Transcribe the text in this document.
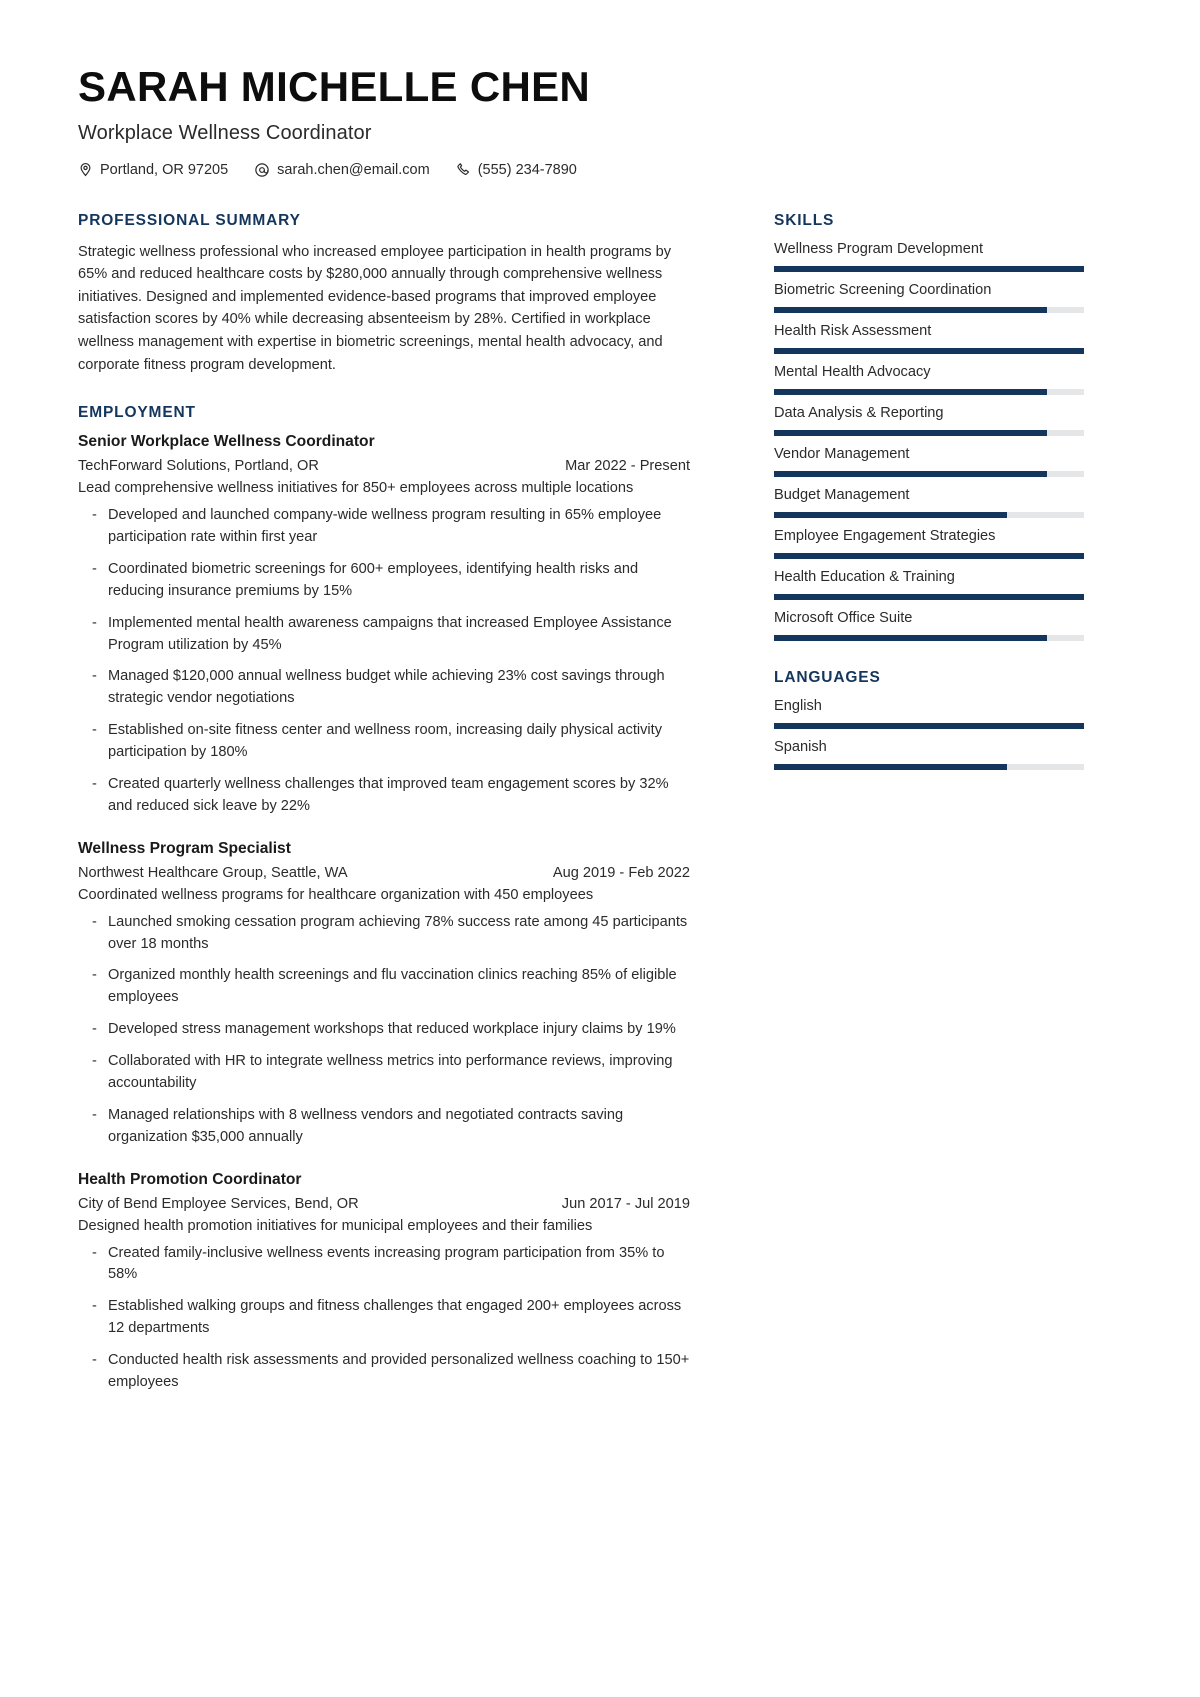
SARAH MICHELLE CHEN
Workplace Wellness Coordinator
Portland, OR 97205	sarah.chen@email.com	(555) 234-7890
PROFESSIONAL SUMMARY
Strategic wellness professional who increased employee participation in health programs by 65% and reduced healthcare costs by $280,000 annually through comprehensive wellness initiatives. Designed and implemented evidence-based programs that improved employee satisfaction scores by 40% while decreasing absenteeism by 28%. Certified in workplace wellness management with expertise in biometric screenings, mental health advocacy, and corporate fitness program development.
EMPLOYMENT
Senior Workplace Wellness Coordinator
TechForward Solutions, Portland, OR	Mar 2022 - Present
Lead comprehensive wellness initiatives for 850+ employees across multiple locations
- Developed and launched company-wide wellness program resulting in 65% employee participation rate within first year
- Coordinated biometric screenings for 600+ employees, identifying health risks and reducing insurance premiums by 15%
- Implemented mental health awareness campaigns that increased Employee Assistance Program utilization by 45%
- Managed $120,000 annual wellness budget while achieving 23% cost savings through strategic vendor negotiations
- Established on-site fitness center and wellness room, increasing daily physical activity participation by 180%
- Created quarterly wellness challenges that improved team engagement scores by 32% and reduced sick leave by 22%
Wellness Program Specialist
Northwest Healthcare Group, Seattle, WA	Aug 2019 - Feb 2022
Coordinated wellness programs for healthcare organization with 450 employees
- Launched smoking cessation program achieving 78% success rate among 45 participants over 18 months
- Organized monthly health screenings and flu vaccination clinics reaching 85% of eligible employees
- Developed stress management workshops that reduced workplace injury claims by 19%
- Collaborated with HR to integrate wellness metrics into performance reviews, improving accountability
- Managed relationships with 8 wellness vendors and negotiated contracts saving organization $35,000 annually
Health Promotion Coordinator
City of Bend Employee Services, Bend, OR	Jun 2017 - Jul 2019
Designed health promotion initiatives for municipal employees and their families
- Created family-inclusive wellness events increasing program participation from 35% to 58%
- Established walking groups and fitness challenges that engaged 200+ employees across 12 departments
- Conducted health risk assessments and provided personalized wellness coaching to 150+ employees
SKILLS
Wellness Program Development
Biometric Screening Coordination
Health Risk Assessment
Mental Health Advocacy
Data Analysis & Reporting
Vendor Management
Budget Management
Employee Engagement Strategies
Health Education & Training
Microsoft Office Suite
LANGUAGES
English
Spanish
